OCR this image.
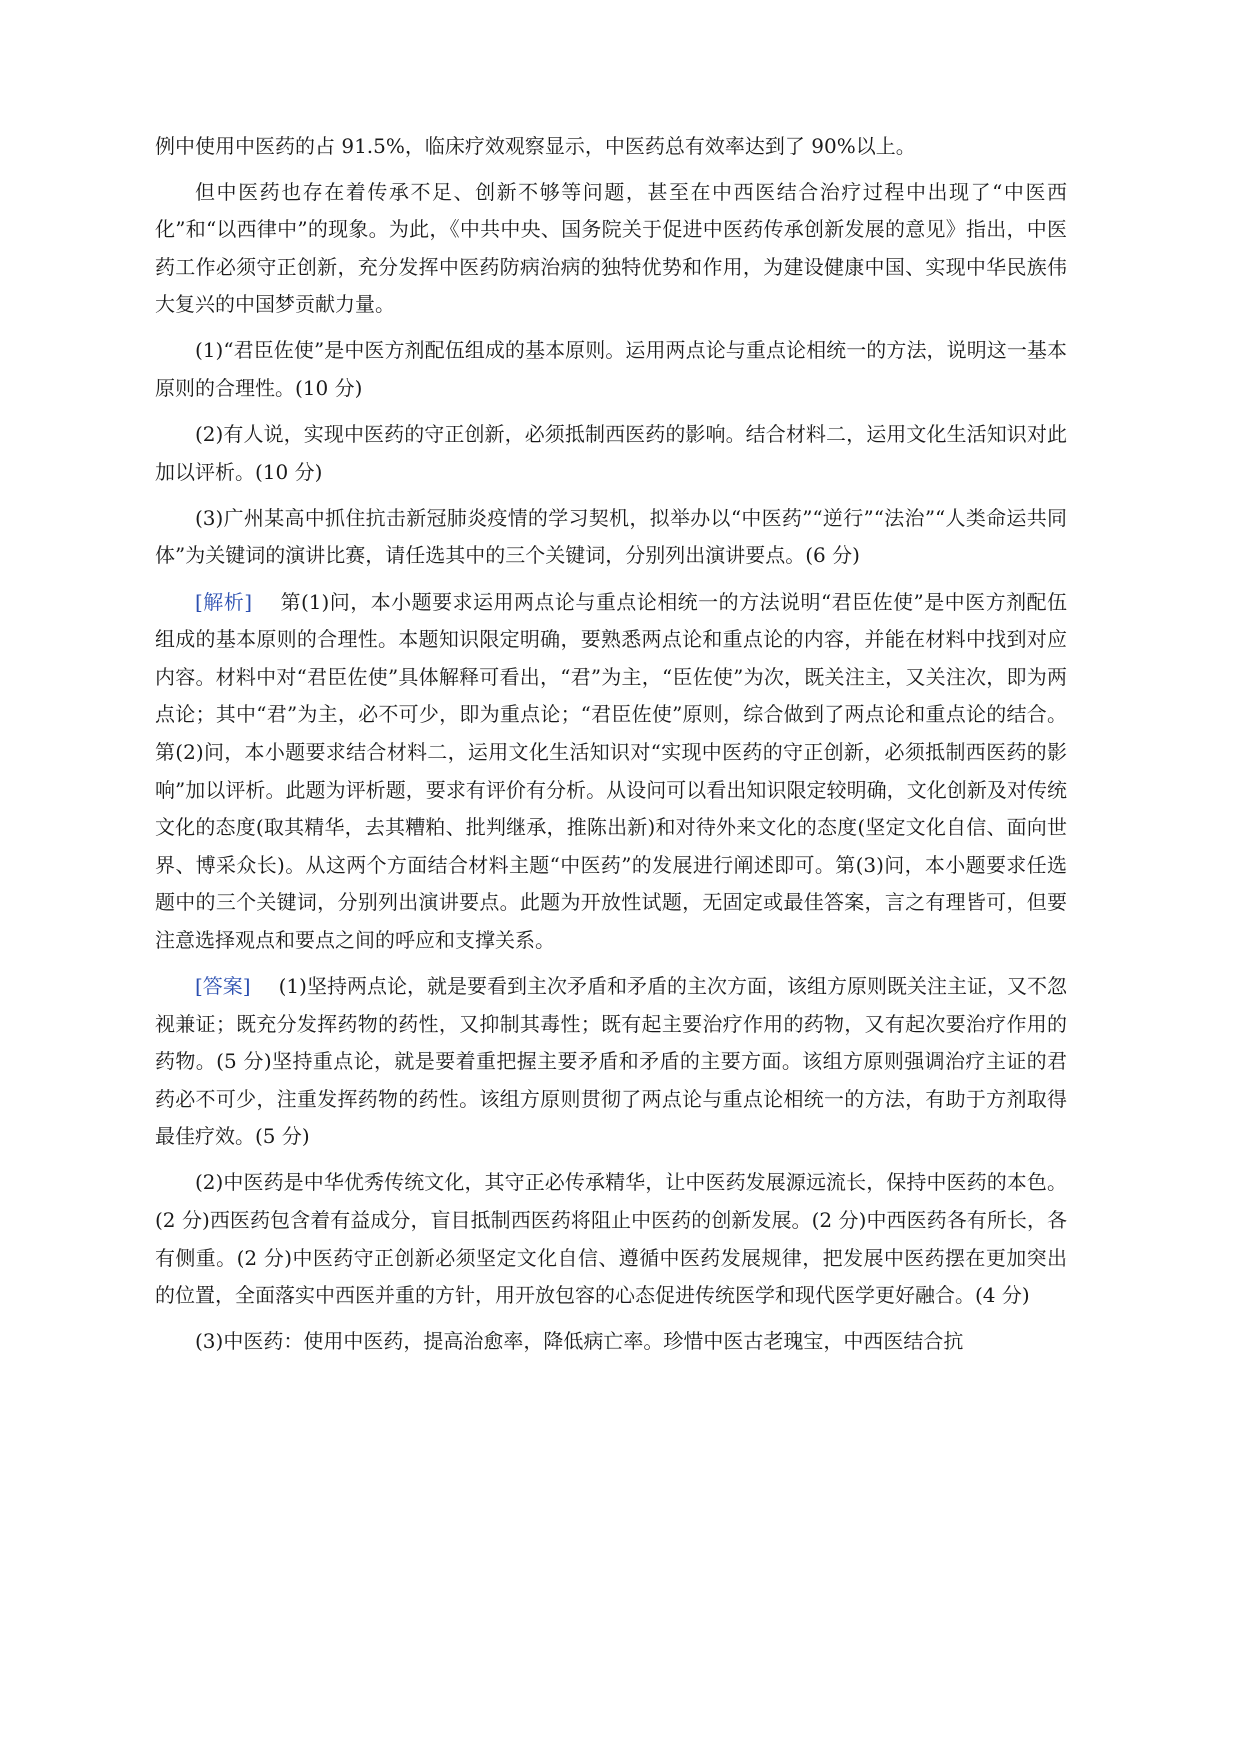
例中使用中医药的占 91.5%，临床疗效观察显示，中医药总有效率达到了 90%以上。

但中医药也存在着传承不足、创新不够等问题，甚至在中西医结合治疗过程中出现了“中医西化”和“以西律中”的现象。为此，《中共中央、国务院关于促进中医药传承创新发展的意见》指出，中医药工作必须守正创新，充分发挥中医药防病治病的独特优势和作用，为建设健康中国、实现中华民族伟大复兴的中国梦贡献力量。

(1)“君臣佐使”是中医方剂配伍组成的基本原则。运用两点论与重点论相统一的方法，说明这一基本原则的合理性。(10 分)

(2)有人说，实现中医药的守正创新，必须抵制西医药的影响。结合材料二，运用文化生活知识对此加以评析。(10 分)

(3)广州某高中抓住抗击新冠肺炎疫情的学习契机，拟举办以“中医药”“逆行”“法治”“人类命运共同体”为关键词的演讲比赛，请任选其中的三个关键词，分别列出演讲要点。(6 分)

[解析] 第(1)问，本小题要求运用两点论与重点论相统一的方法说明“君臣佐使”是中医方剂配伍组成的基本原则的合理性。本题知识限定明确，要熟悉两点论和重点论的内容，并能在材料中找到对应内容。材料中对“君臣佐使”具体解释可看出，“君”为主，“臣佐使”为次，既关注主，又关注次，即为两点论；其中“君”为主，必不可少，即为重点论；“君臣佐使”原则，综合做到了两点论和重点论的结合。第(2)问，本小题要求结合材料二，运用文化生活知识对“实现中医药的守正创新，必须抵制西医药的影响”加以评析。此题为评析题，要求有评价有分析。从设问可以看出知识限定较明确，文化创新及对传统文化的态度(取其精华，去其糟粕、批判继承，推陈出新)和对待外来文化的态度(坚定文化自信、面向世界、博采众长)。从这两个方面结合材料主题“中医药”的发展进行阐述即可。第(3)问，本小题要求任选题中的三个关键词，分别列出演讲要点。此题为开放性试题，无固定或最佳答案，言之有理皆可，但要注意选择观点和要点之间的呼应和支撑关系。

[答案] (1)坚持两点论，就是要看到主次矛盾和矛盾的主次方面，该组方原则既关注主证，又不忽视兼证；既充分发挥药物的药性，又抑制其毒性；既有起主要治疗作用的药物，又有起次要治疗作用的药物。(5 分)坚持重点论，就是要着重把握主要矛盾和矛盾的主要方面。该组方原则强调治疗主证的君药必不可少，注重发挥药物的药性。该组方原则贯彻了两点论与重点论相统一的方法，有助于方剂取得最佳疗效。(5 分)

(2)中医药是中华优秀传统文化，其守正必传承精华，让中医药发展源远流长，保持中医药的本色。(2 分)西医药包含着有益成分，盲目抵制西医药将阻止中医药的创新发展。(2 分)中西医药各有所长，各有侧重。(2 分)中医药守正创新必须坚定文化自信、遵循中医药发展规律，把发展中医药摆在更加突出的位置，全面落实中西医并重的方针，用开放包容的心态促进传统医学和现代医学更好融合。(4 分)

(3)中医药：使用中医药，提高治愈率，降低病亡率。珍惜中医古老瑰宝，中西医结合抗
